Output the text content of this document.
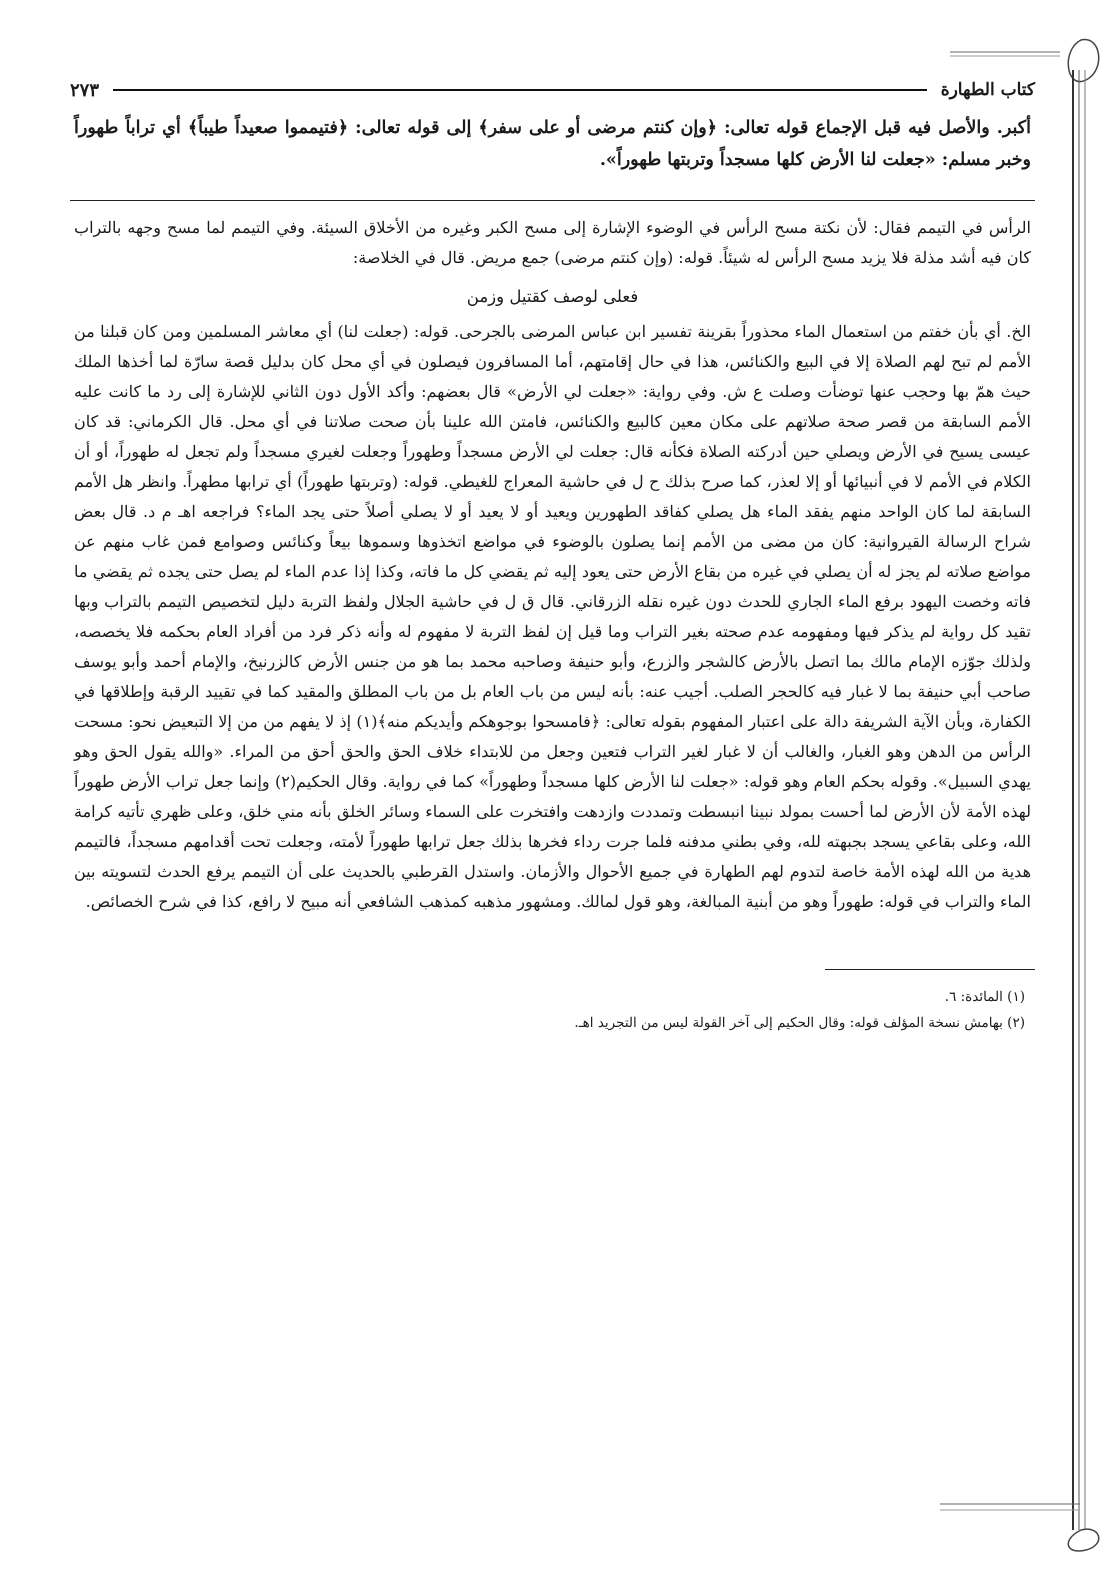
كتاب الطهارة
٢٧٣
أكبر. والأصل فيه قبل الإجماع قوله تعالى: ﴿وإن كنتم مرضى أو على سفر﴾ إلى قوله تعالى: ﴿فتيمموا صعيداً طيباً﴾ أي تراباً طهوراً وخبر مسلم: «جعلت لنا الأرض كلها مسجداً وتربتها طهوراً».

الرأس في التيمم فقال: لأن نكتة مسح الرأس في الوضوء الإشارة إلى مسح الكبر وغيره من الأخلاق السيئة. وفي التيمم لما مسح وجهه بالتراب كان فيه أشد مذلة فلا يزيد مسح الرأس له شيئاً. قوله: (وإن كنتم مرضى) جمع مريض. قال في الخلاصة:

فعلى لوصف كقتيل وزمن

الخ. أي بأن خفتم من استعمال الماء محذوراً بقرينة تفسير ابن عباس المرضى بالجرحى. قوله: (جعلت لنا) أي معاشر المسلمين ومن كان قبلنا من الأمم لم تبح لهم الصلاة إلا في البيع والكنائس، هذا في حال إقامتهم، أما المسافرون فيصلون في أي محل كان بدليل قصة سارّة لما أخذها الملك حيث همّ بها وحجب عنها توضأت وصلت ع ش. وفي رواية: «جعلت لي الأرض» قال بعضهم: وأكد الأول دون الثاني للإشارة إلى رد ما كانت عليه الأمم السابقة من قصر صحة صلاتهم على مكان معين كالبيع والكنائس، فامتن الله علينا بأن صحت صلاتنا في أي محل. قال الكرماني: قد كان عيسى يسيح في الأرض ويصلي حين أدركته الصلاة فكأنه قال: جعلت لي الأرض مسجداً وطهوراً وجعلت لغيري مسجداً ولم تجعل له طهوراً، أو أن الكلام في الأمم لا في أنبيائها أو إلا لعذر، كما صرح بذلك ح ل في حاشية المعراج للغيطي. قوله: (وتربتها طهوراً) أي ترابها مطهراً. وانظر هل الأمم السابقة لما كان الواحد منهم يفقد الماء هل يصلي كفاقد الطهورين ويعيد أو لا يعيد أو لا يصلي أصلاً حتى يجد الماء؟ فراجعه اهـ م د. قال بعض شراح الرسالة القيروانية: كان من مضى من الأمم إنما يصلون بالوضوء في مواضع اتخذوها وسموها بيعاً وكنائس وصوامع فمن غاب منهم عن مواضع صلاته لم يجز له أن يصلي في غيره من بقاع الأرض حتى يعود إليه ثم يقضي كل ما فاته، وكذا إذا عدم الماء لم يصل حتى يجده ثم يقضي ما فاته وخصت اليهود برفع الماء الجاري للحدث دون غيره نقله الزرقاني. قال ق ل في حاشية الجلال ولفظ التربة دليل لتخصيص التيمم بالتراب وبها تقيد كل رواية لم يذكر فيها ومفهومه عدم صحته بغير التراب وما قيل إن لفظ التربة لا مفهوم له وأنه ذكر فرد من أفراد العام بحكمه فلا يخصصه، ولذلك جوّزه الإمام مالك بما اتصل بالأرض كالشجر والزرع، وأبو حنيفة وصاحبه محمد بما هو من جنس الأرض كالزرنيخ، والإمام أحمد وأبو يوسف صاحب أبي حنيفة بما لا غبار فيه كالحجر الصلب. أجيب عنه: بأنه ليس من باب العام بل من باب المطلق والمقيد كما في تقييد الرقبة وإطلاقها في الكفارة، وبأن الآية الشريفة دالة على اعتبار المفهوم بقوله تعالى: ﴿فامسحوا بوجوهكم وأيديكم منه﴾(١) إذ لا يفهم من من إلا التبعيض نحو: مسحت الرأس من الدهن وهو الغبار، والغالب أن لا غبار لغير التراب فتعين وجعل من للابتداء خلاف الحق والحق أحق من المراء. «والله يقول الحق وهو يهدي السبيل». وقوله بحكم العام وهو قوله: «جعلت لنا الأرض كلها مسجداً وطهوراً» كما في رواية. وقال الحكيم(٢) وإنما جعل تراب الأرض طهوراً لهذه الأمة لأن الأرض لما أحست بمولد نبينا انبسطت وتمددت وازدهت وافتخرت على السماء وسائر الخلق بأنه مني خلق، وعلى ظهري تأتيه كرامة الله، وعلى بقاعي يسجد بجبهته لله، وفي بطني مدفنه فلما جرت رداء فخرها بذلك جعل ترابها طهوراً لأمته، وجعلت تحت أقدامهم مسجداً، فالتيمم هدية من الله لهذه الأمة خاصة لتدوم لهم الطهارة في جميع الأحوال والأزمان. واستدل القرطبي بالحديث على أن التيمم يرفع الحدث لتسويته بين الماء والتراب في قوله: طهوراً وهو من أبنية المبالغة، وهو قول لمالك. ومشهور مذهبه كمذهب الشافعي أنه مبيح لا رافع، كذا في شرح الخصائص.

(١) المائدة: ٦.
(٢) بهامش نسخة المؤلف قوله: وقال الحكيم إلى آخر القولة ليس من التجريد اهـ.
